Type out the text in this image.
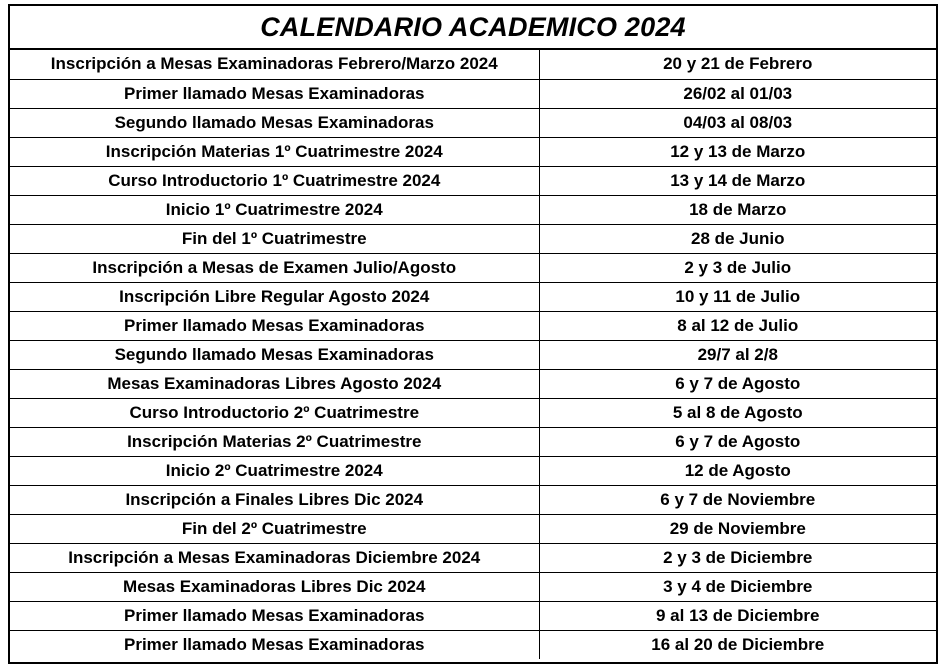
CALENDARIO ACADEMICO 2024
Inscripción a Mesas Examinadoras Febrero/Marzo 2024	20 y 21 de Febrero
Primer llamado Mesas Examinadoras	26/02 al 01/03
Segundo llamado Mesas Examinadoras	04/03 al 08/03
Inscripción Materias 1º Cuatrimestre 2024	12 y 13 de Marzo
Curso Introductorio 1º Cuatrimestre 2024	13 y 14 de Marzo
Inicio 1º Cuatrimestre 2024	18 de Marzo
Fin del 1º Cuatrimestre	28 de Junio
Inscripción a Mesas de Examen Julio/Agosto	2 y 3 de Julio
Inscripción Libre Regular Agosto 2024	10 y 11 de Julio
Primer llamado Mesas Examinadoras	8 al 12 de Julio
Segundo llamado Mesas Examinadoras	29/7 al 2/8
Mesas Examinadoras Libres Agosto 2024	6 y 7 de Agosto
Curso Introductorio 2º Cuatrimestre	5 al 8 de Agosto
Inscripción Materias 2º Cuatrimestre	6 y 7 de Agosto
Inicio 2º Cuatrimestre 2024	12 de Agosto
Inscripción a Finales Libres Dic 2024	6 y 7 de Noviembre
Fin del 2º Cuatrimestre	29 de Noviembre
Inscripción a Mesas Examinadoras Diciembre 2024	2 y 3 de Diciembre
Mesas Examinadoras Libres Dic 2024	3 y 4 de Diciembre
Primer llamado Mesas Examinadoras	9 al 13 de Diciembre
Primer llamado Mesas Examinadoras	16 al 20 de Diciembre
